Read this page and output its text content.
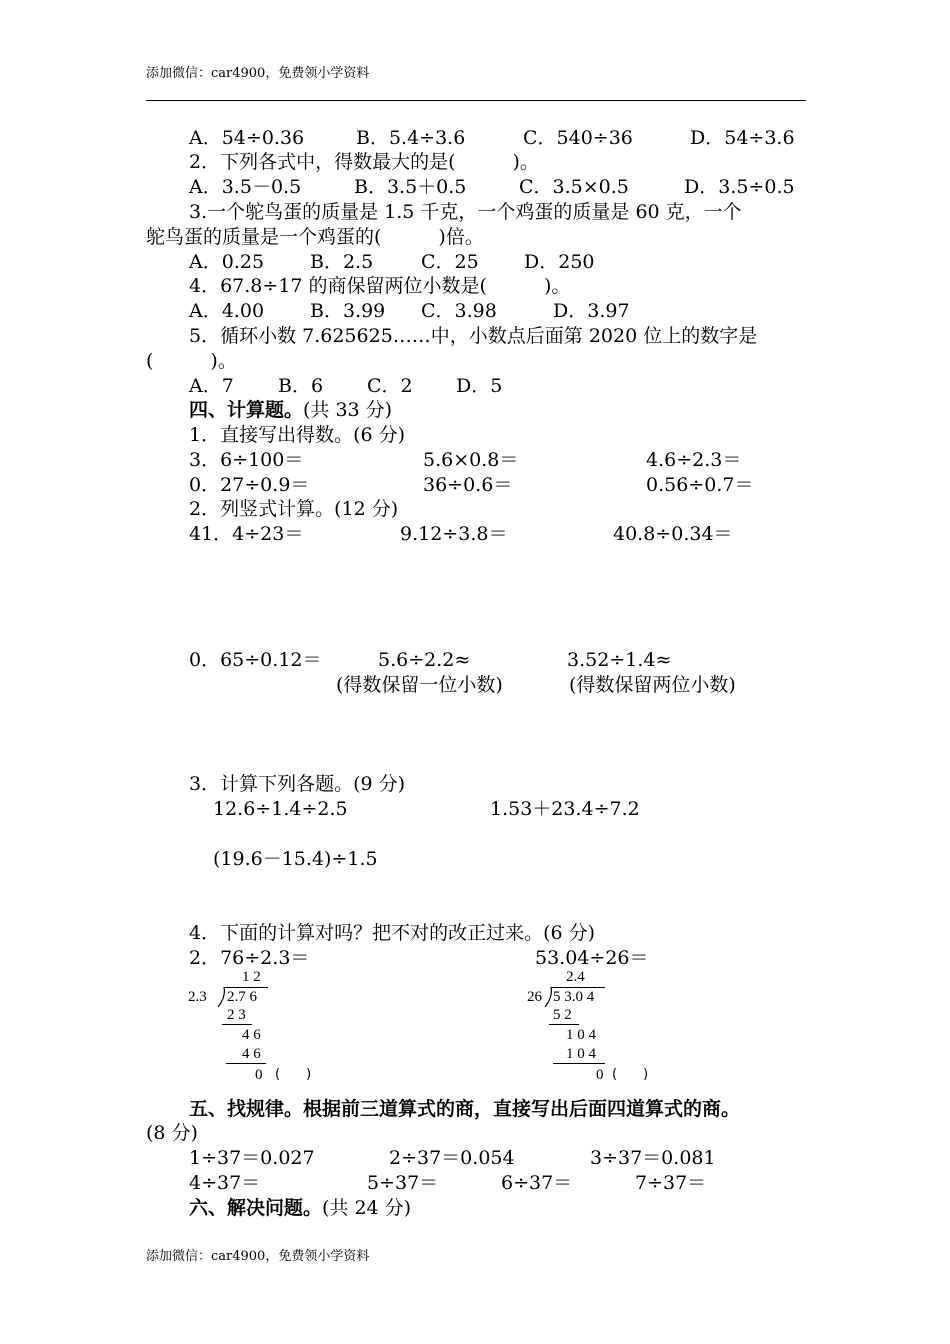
添加微信：car4900，免费领小学资料
A．54÷0.36	B．5.4÷3.6	C．540÷36	D．54÷3.6
2．下列各式中，得数最大的是(　　　)。
A．3.5－0.5	B．3.5＋0.5	C．3.5×0.5	D．3.5÷0.5
3.一个鸵鸟蛋的质量是 1.5 千克，一个鸡蛋的质量是 60 克，一个
鸵鸟蛋的质量是一个鸡蛋的(　　　)倍。
A．0.25 B．2.5	C．25 D．250
4．67.8÷17 的商保留两位小数是(　　　)。
A．4.00 B．3.99 C．3.98	D．3.97
5．循环小数 7.625625……中，小数点后面第 2020 位上的数字是
(　　　)。
A．7 B．6 C．2 D．5
四、计算题。(共 33 分)
1．直接写出得数。(6 分)
3．6÷100＝	5.6×0.8＝	4.6÷2.3＝
0．27÷0.9＝	36÷0.6＝	0.56÷0.7＝
2．列竖式计算。(12 分)
41．4÷23＝	9.12÷3.8＝	40.8÷0.34＝
0．65÷0.12＝	5.6÷2.2≈	3.52÷1.4≈
(得数保留一位小数)	(得数保留两位小数)
3．计算下列各题。(9 分)
12.6÷1.4÷2.5	1.53＋23.4÷7.2
(19.6－15.4)÷1.5
4．下面的计算对吗？把不对的改正过来。(6 分)
2．76÷2.3＝	53.04÷26＝
1 2
2.3 2.7 6
2 3
4 6
4 6
0 (　　)
2.4
26 5 3.0 4
5 2
1 0 4
1 0 4
0 (　　)
五、找规律。根据前三道算式的商，直接写出后面四道算式的商。
(8 分)
1÷37＝0.027	2÷37＝0.054	3÷37＝0.081
4÷37＝	5÷37＝	6÷37＝	7÷37＝
六、解决问题。(共 24 分)
添加微信：car4900，免费领小学资料
